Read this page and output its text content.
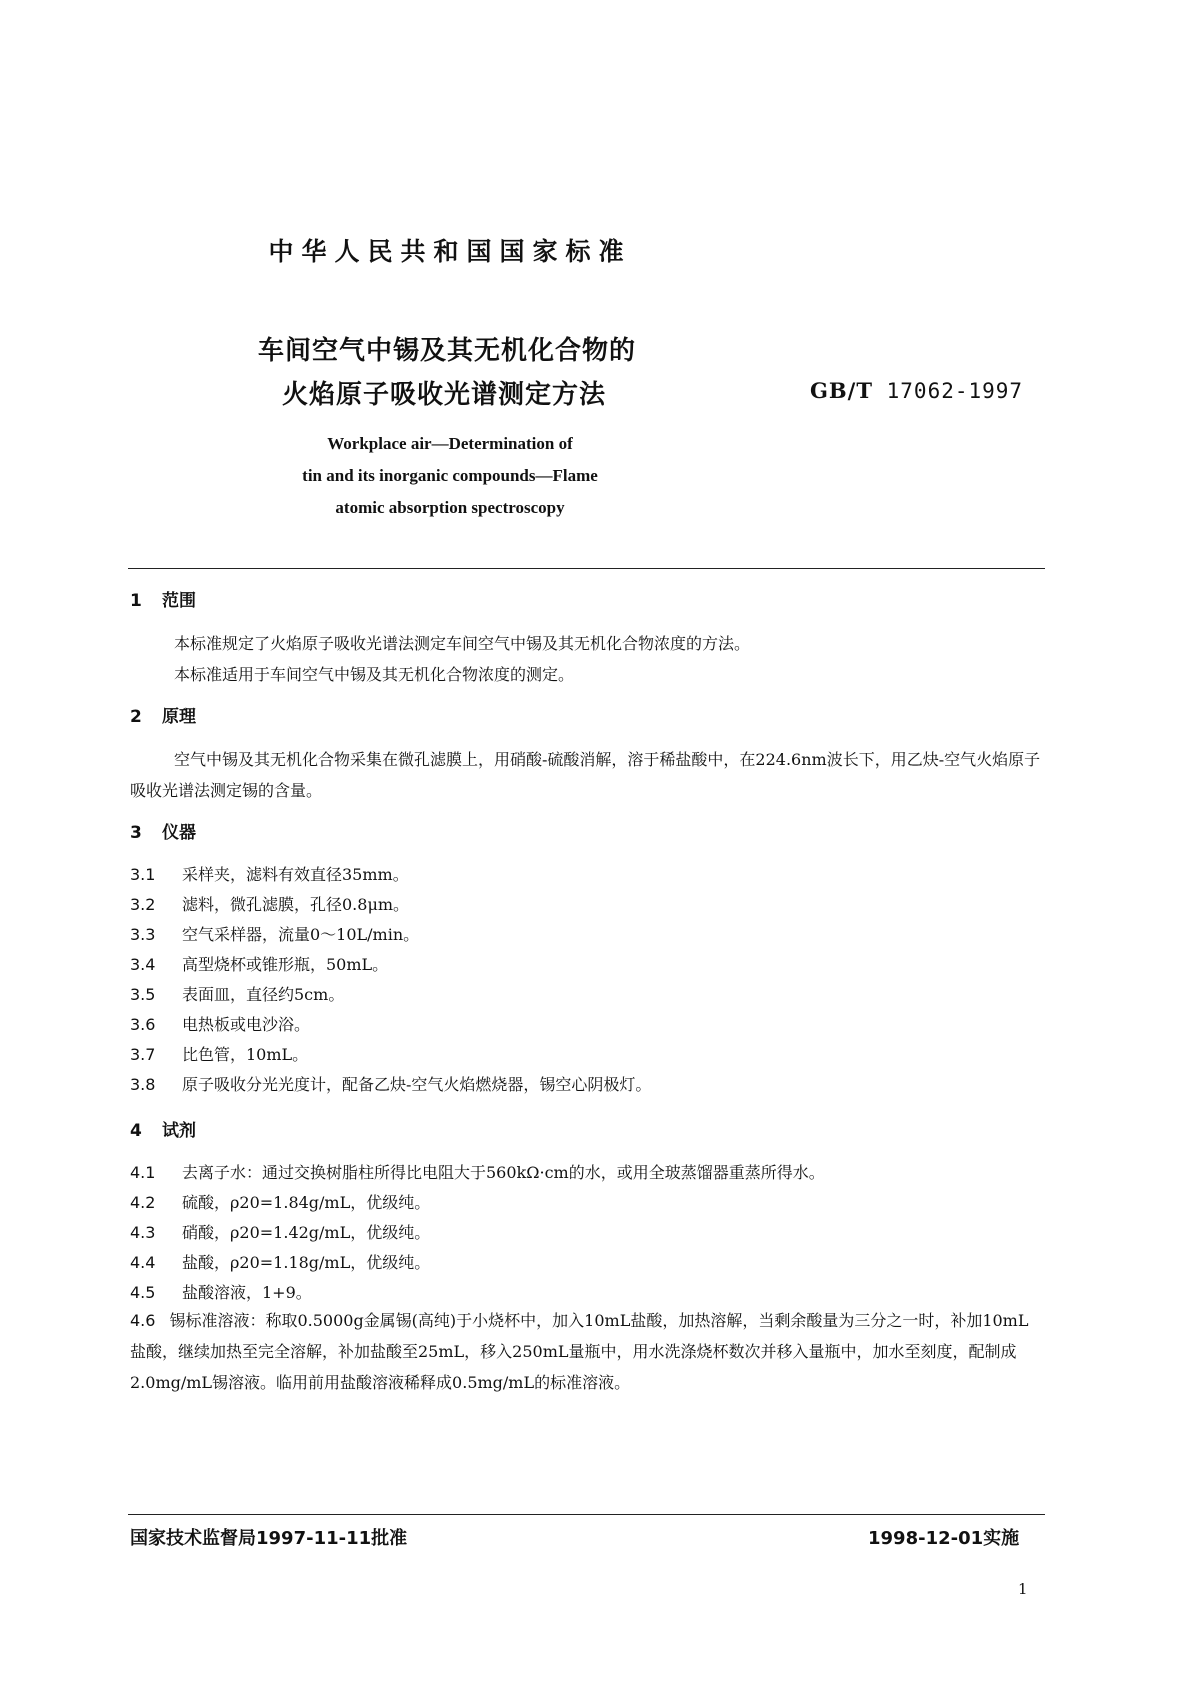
中华人民共和国国家标准
车间空气中锡及其无机化合物的
火焰原子吸收光谱测定方法	GB/T 17062-1997
Workplace air—Determination of
tin and its inorganic compounds—Flame
atomic absorption spectroscopy
1 范围
本标准规定了火焰原子吸收光谱法测定车间空气中锡及其无机化合物浓度的方法。
本标准适用于车间空气中锡及其无机化合物浓度的测定。
2 原理
空气中锡及其无机化合物采集在微孔滤膜上，用硝酸-硫酸消解，溶于稀盐酸中，在224.6nm波长下，用乙炔-空气火焰原子吸收光谱法测定锡的含量。
3 仪器
3.1 采样夹，滤料有效直径35mm。
3.2 滤料，微孔滤膜，孔径0.8μm。
3.3 空气采样器，流量0～10L/min。
3.4 高型烧杯或锥形瓶，50mL。
3.5 表面皿，直径约5cm。
3.6 电热板或电沙浴。
3.7 比色管，10mL。
3.8 原子吸收分光光度计，配备乙炔-空气火焰燃烧器，锡空心阴极灯。
4 试剂
4.1 去离子水：通过交换树脂柱所得比电阻大于560kΩ·cm的水，或用全玻蒸馏器重蒸所得水。
4.2 硫酸，ρ20=1.84g/mL，优级纯。
4.3 硝酸，ρ20=1.42g/mL，优级纯。
4.4 盐酸，ρ20=1.18g/mL，优级纯。
4.5 盐酸溶液，1+9。
4.6 锡标准溶液：称取0.5000g金属锡(高纯)于小烧杯中，加入10mL盐酸，加热溶解，当剩余酸量为三分之一时，补加10mL盐酸，继续加热至完全溶解，补加盐酸至25mL，移入250mL量瓶中，用水洗涤烧杯数次并移入量瓶中，加水至刻度，配制成2.0mg/mL锡溶液。临用前用盐酸溶液稀释成0.5mg/mL的标准溶液。
国家技术监督局1997-11-11批准	1998-12-01实施
1
